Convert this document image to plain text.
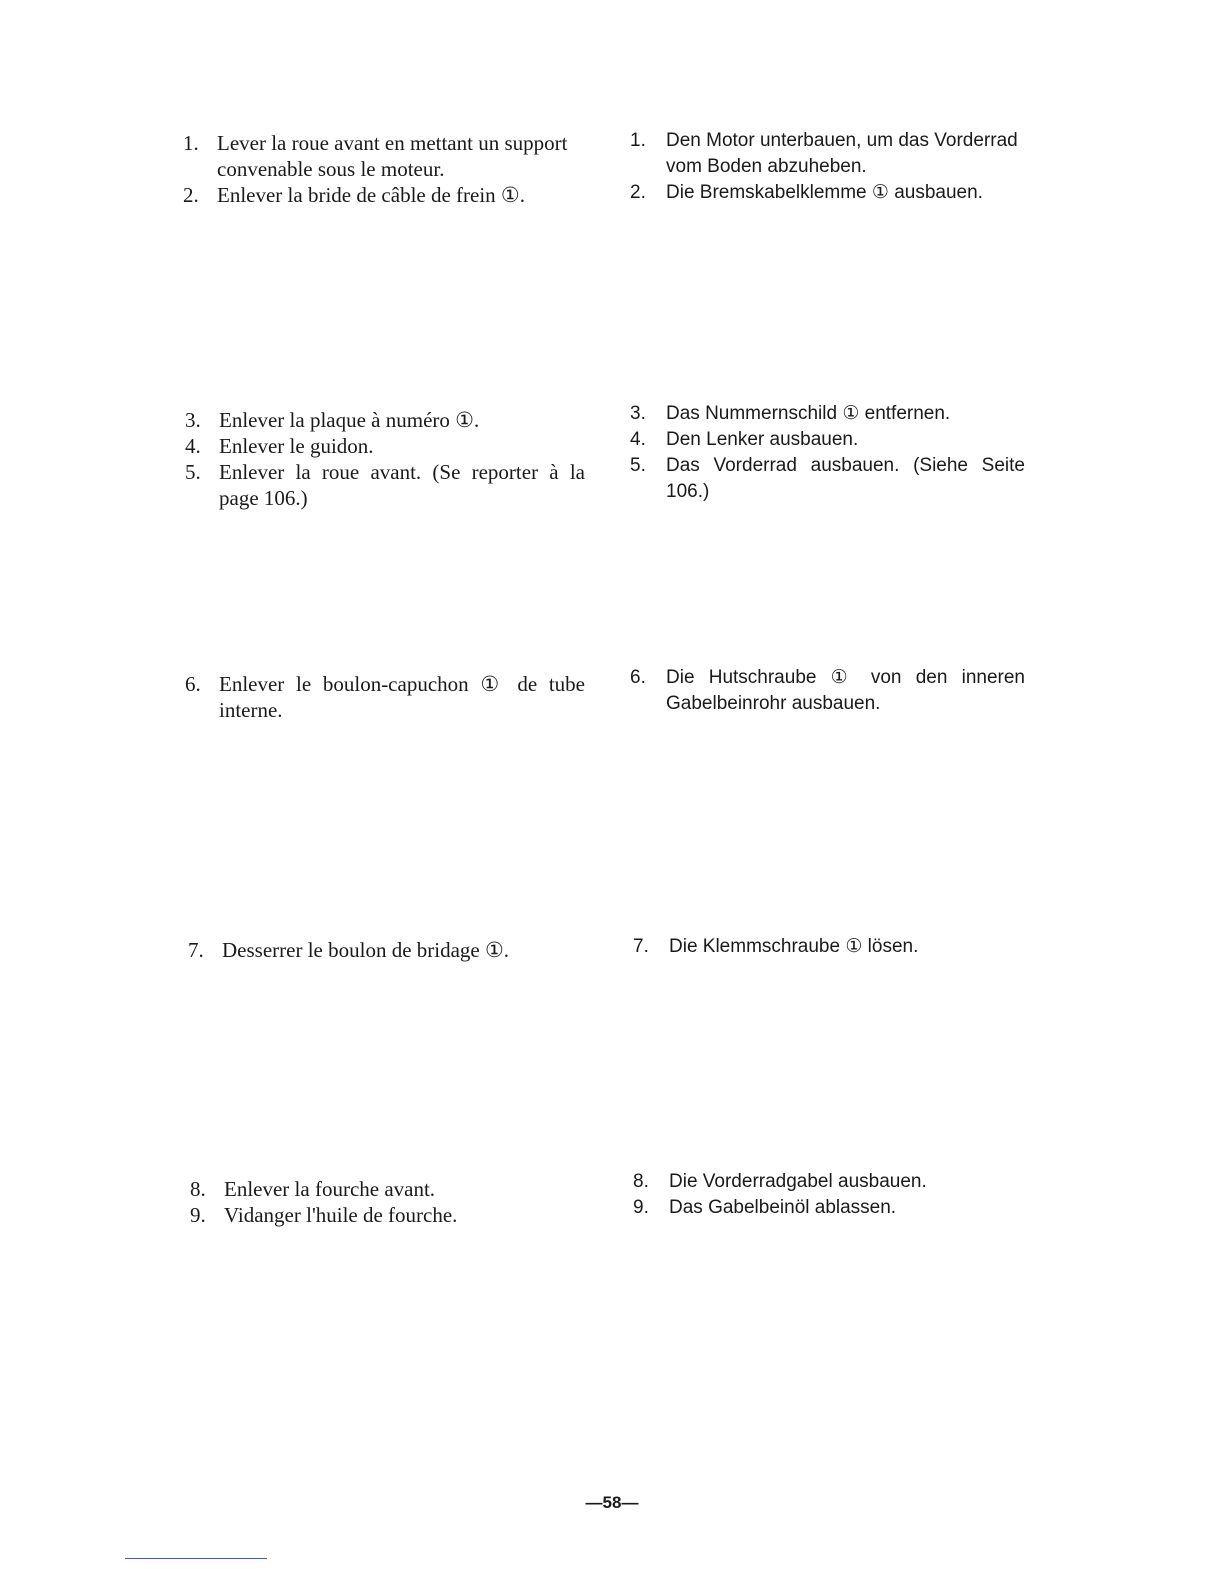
1. Lever la roue avant en mettant un support convenable sous le moteur.
2. Enlever la bride de câble de frein ①.
1.	Den Motor unterbauen, um das Vorderrad vom Boden abzuheben.
2.	Die Bremskabelklemme ① ausbauen.
3. Enlever la plaque à numéro ①.
4. Enlever le guidon.
5. Enlever la roue avant. (Se reporter à la page 106.)
3.	Das Nummernschild ① entfernen.
4.	Den Lenker ausbauen.
5.	Das Vorderrad ausbauen. (Siehe Seite 106.)
6. Enlever le boulon-capuchon ① de tube interne.
6.	Die Hutschraube ① von den inneren Gabelbeinrohr ausbauen.
7. Desserrer le boulon de bridage ①.	7.	Die Klemmschraube ① lösen.
8. Enlever la fourche avant.
9. Vidanger l'huile de fourche.
8.	Die Vorderradgabel ausbauen.
9.	Das Gabelbeinöl ablassen.
—58—
